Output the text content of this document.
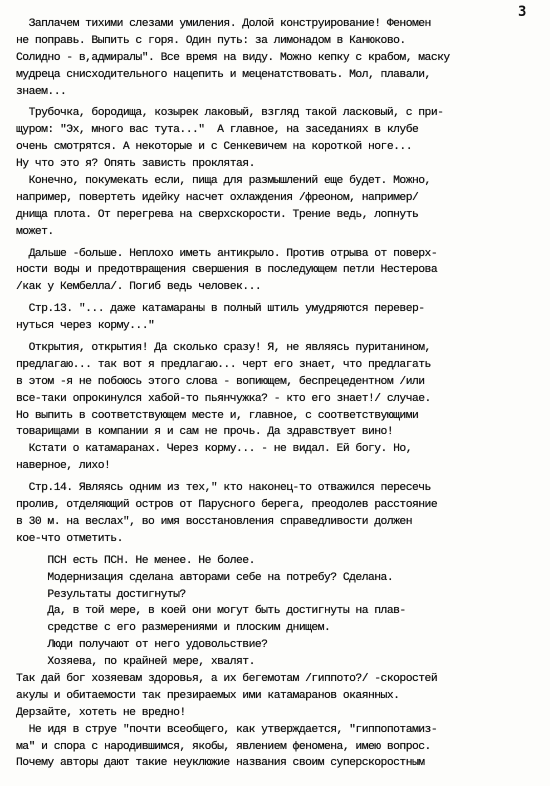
3
Заплачем тихими слезами умиления. Долой конструирование! Феномен
не поправь. Выпить с горя. Один путь: за лимонадом в Канюково.
Солидно - в,адмиралы". Все время на виду. Можно кепку с крабом, маску
мудреца снисходительного нацепить и меценатствовать. Мол, плавали,
знаем...
Трубочка, бородища, козырек лаковый, взгляд такой ласковый, с при-
щуром: "Эх, много вас тута..."  А главное, на заседаниях в клубе
очень смотрятся. А некоторые и с Сенкевичем на короткой ноге...
Ну что это я? Опять зависть проклятая.
Конечно, покумекать если, пища для размышлений еще будет. Можно,
например, повертеть идейку насчет охлаждения /фреоном, например/
днища плота. От перегрева на сверхскорости. Трение ведь, лопнуть
может.
Дальше -больше. Неплохо иметь антикрыло. Против отрыва от поверх-
ности воды и предотвращения свершения в последующем петли Нестерова
/как у Кембелла/. Погиб ведь человек...
Стр.13. "... даже катамараны в полный штиль умудряются перевер-
нуться через корму..."
Открытия, открытия! Да сколько сразу! Я, не являясь пуританином,
предлагаю... так вот я предлагаю... черт его знает, что предлагать
в этом -я не побоюсь этого слова - вопиющем, беспрецедентном /или
все-таки опрокинулся хабой-то пьянчужка? - кто его знает!/ случае.
Но выпить в соответствующем месте и, главное, с соответствующими
товарищами в компании я и сам не прочь. Да здравствует вино!
Кстати о катамаранах. Через корму... - не видал. Ей богу. Но,
наверное, лихо!
Стр.14. Являясь одним из тех," кто наконец-то отважился пересечь
пролив, отделяющий остров от Парусного берега, преодолев расстояние
в 30 м. на веслах", во имя восстановления справедливости должен
кое-что отметить.
ПСН есть ПСН. Не менее. Не более.
Модернизация сделана авторами себе на потребу? Сделана.
Результаты достигнуты?
Да, в той мере, в коей они могут быть достигнуты на плав-
средстве с его размерениями и плоским днищем.
Люди получают от него удовольствие?
Хозяева, по крайней мере, хвалят.
Так дай бог хозяевам здоровья, а их бегемотам /гиппото?/ -скоростей
акулы и обитаемости так презираемых ими катамаранов окаянных.
Дерзайте, хотеть не вредно!
Не идя в струе "почти всеобщего, как утверждается, "гиппопотамиз-
ма" и спора с народившимся, якобы, явлением феномена, имею вопрос.
Почему авторы дают такие неуклюжие названия своим суперскоростным
